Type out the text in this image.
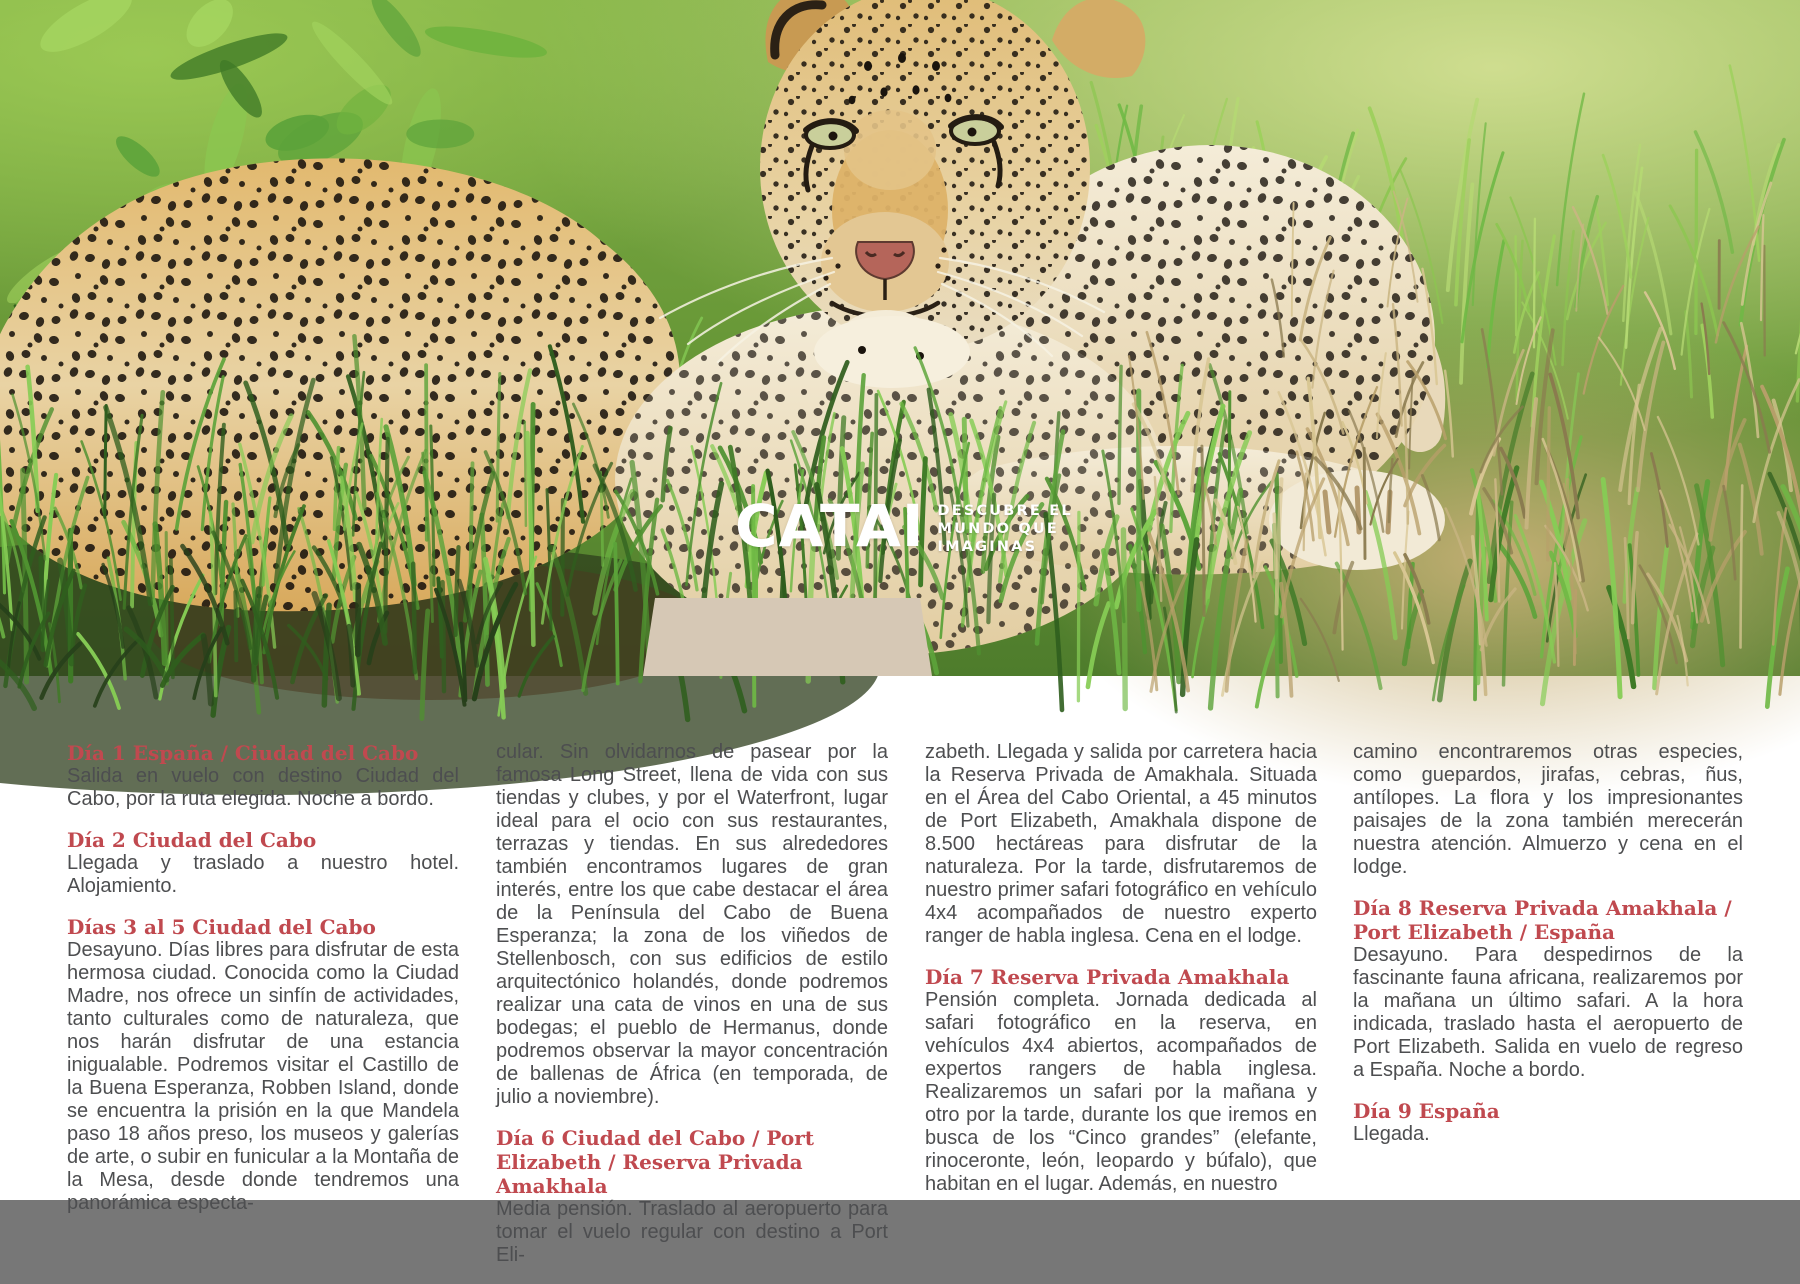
CATAI DESCUBRE EL
MUNDO QUE
IMAGINAS
Día 1 España / Ciudad del Cabo

Salida en vuelo con destino Ciudad del Cabo, por la ruta elegida. Noche a bordo.

Día 2 Ciudad del Cabo

Llegada y traslado a nuestro hotel. Alojamiento.

Días 3 al 5 Ciudad del Cabo

Desayuno. Días libres para disfrutar de esta hermosa ciudad. Conocida como la Ciudad Madre, nos ofrece un sinfín de actividades, tanto culturales como de naturaleza, que nos harán disfrutar de una estancia inigualable. Podremos visitar el Castillo de la Buena Esperanza, Robben Island, donde se encuentra la prisión en la que Mandela paso 18 años preso, los museos y galerías de arte, o subir en funicular a la Montaña de la Mesa, desde donde tendremos una panorámica especta-

cular. Sin olvidarnos de pasear por la famosa Long Street, llena de vida con sus tiendas y clubes, y por el Waterfront, lugar ideal para el ocio con sus restaurantes, terrazas y tiendas. En sus alrededores también encontramos lugares de gran interés, entre los que cabe destacar el área de la Península del Cabo de Buena Esperanza; la zona de los viñedos de Stellenbosch, con sus edificios de estilo arquitectónico holandés, donde podremos realizar una cata de vinos en una de sus bodegas; el pueblo de Hermanus, donde podremos observar la mayor concentración de ballenas de África (en temporada, de julio a noviembre).

Día 6 Ciudad del Cabo / Port Elizabeth / Reserva Privada Amakhala

Media pensión. Traslado al aeropuerto para tomar el vuelo regular con destino a Port Eli-

zabeth. Llegada y salida por carretera hacia la Reserva Privada de Amakhala. Situada en el Área del Cabo Oriental, a 45 minutos de Port Elizabeth, Amakhala dispone de 8.500 hectáreas para disfrutar de la naturaleza. Por la tarde, disfrutaremos de nuestro primer safari fotográfico en vehículo 4x4 acompañados de nuestro experto ranger de habla inglesa. Cena en el lodge.

Día 7 Reserva Privada Amakhala

Pensión completa. Jornada dedicada al safari fotográfico en la reserva, en vehículos 4x4 abiertos, acompañados de expertos rangers de habla inglesa. Realizaremos un safari por la mañana y otro por la tarde, durante los que iremos en busca de los “Cinco grandes” (elefante, rinoceronte, león, leopardo y búfalo), que habitan en el lugar. Además, en nuestro

camino encontraremos otras especies, como guepardos, jirafas, cebras, ñus, antílopes. La flora y los impresionantes paisajes de la zona también merecerán nuestra atención. Almuerzo y cena en el lodge.

Día 8 Reserva Privada Amakhala / Port Elizabeth / España

Desayuno. Para despedirnos de la fascinante fauna africana, realizaremos por la mañana un último safari. A la hora indicada, traslado hasta el aeropuerto de Port Elizabeth. Salida en vuelo de regreso a España. Noche a bordo.

Día 9 España

Llegada.
